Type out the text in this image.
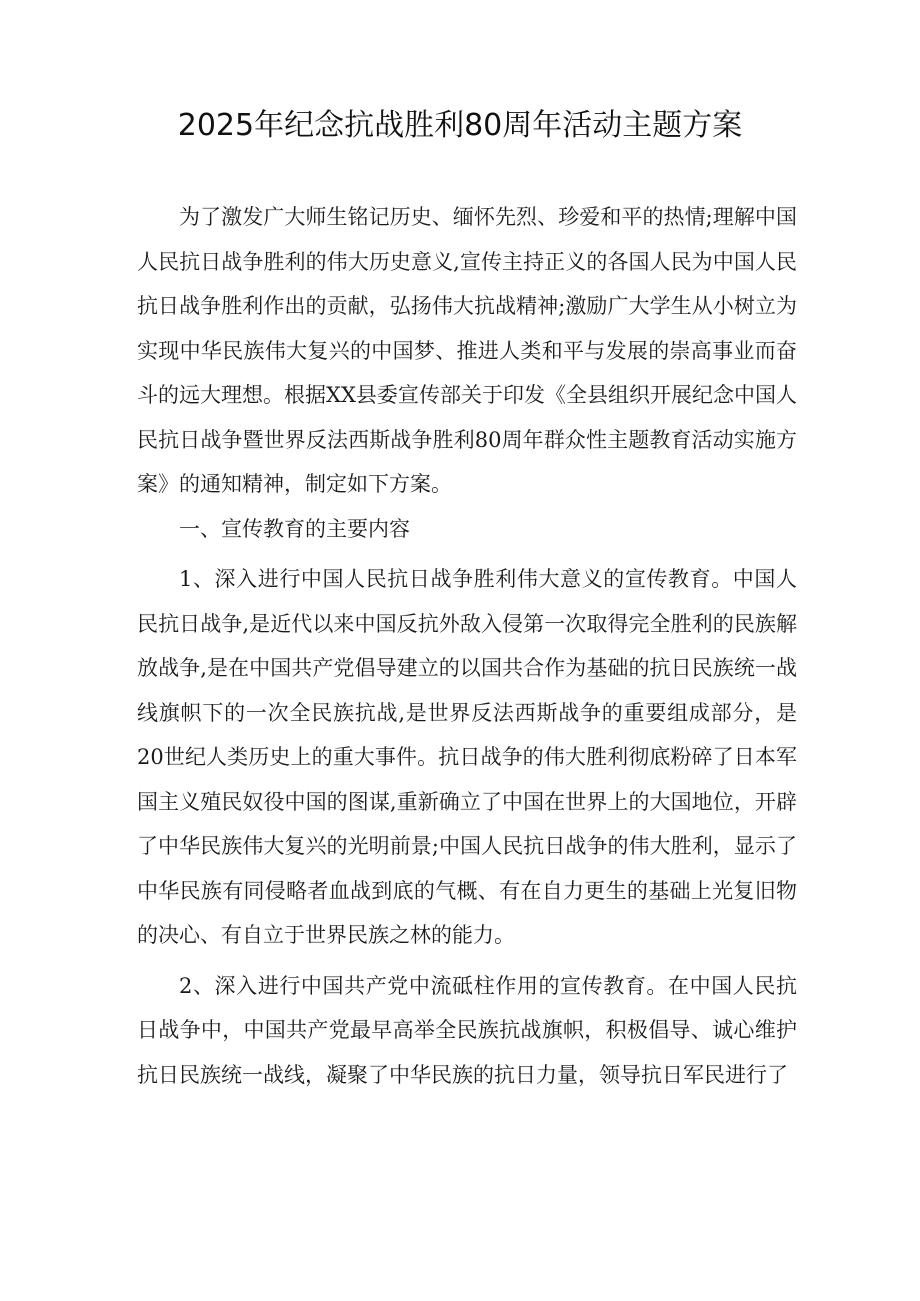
2025年纪念抗战胜利80周年活动主题方案

为了激发广大师生铭记历史、缅怀先烈、珍爱和平的热情;理解中国人民抗日战争胜利的伟大历史意义,宣传主持正义的各国人民为中国人民抗日战争胜利作出的贡献，弘扬伟大抗战精神;激励广大学生从小树立为实现中华民族伟大复兴的中国梦、推进人类和平与发展的崇高事业而奋斗的远大理想。根据XX县委宣传部关于印发《全县组织开展纪念中国人民抗日战争暨世界反法西斯战争胜利80周年群众性主题教育活动实施方案》的通知精神，制定如下方案。

一、宣传教育的主要内容

1、深入进行中国人民抗日战争胜利伟大意义的宣传教育。中国人民抗日战争,是近代以来中国反抗外敌入侵第一次取得完全胜利的民族解放战争,是在中国共产党倡导建立的以国共合作为基础的抗日民族统一战线旗帜下的一次全民族抗战,是世界反法西斯战争的重要组成部分，是20世纪人类历史上的重大事件。抗日战争的伟大胜利彻底粉碎了日本军国主义殖民奴役中国的图谋,重新确立了中国在世界上的大国地位，开辟了中华民族伟大复兴的光明前景;中国人民抗日战争的伟大胜利，显示了中华民族有同侵略者血战到底的气概、有在自力更生的基础上光复旧物的决心、有自立于世界民族之林的能力。

2、深入进行中国共产党中流砥柱作用的宣传教育。在中国人民抗日战争中，中国共产党最早高举全民族抗战旗帜，积极倡导、诚心维护抗日民族统一战线，凝聚了中华民族的抗日力量，领导抗日军民进行了
